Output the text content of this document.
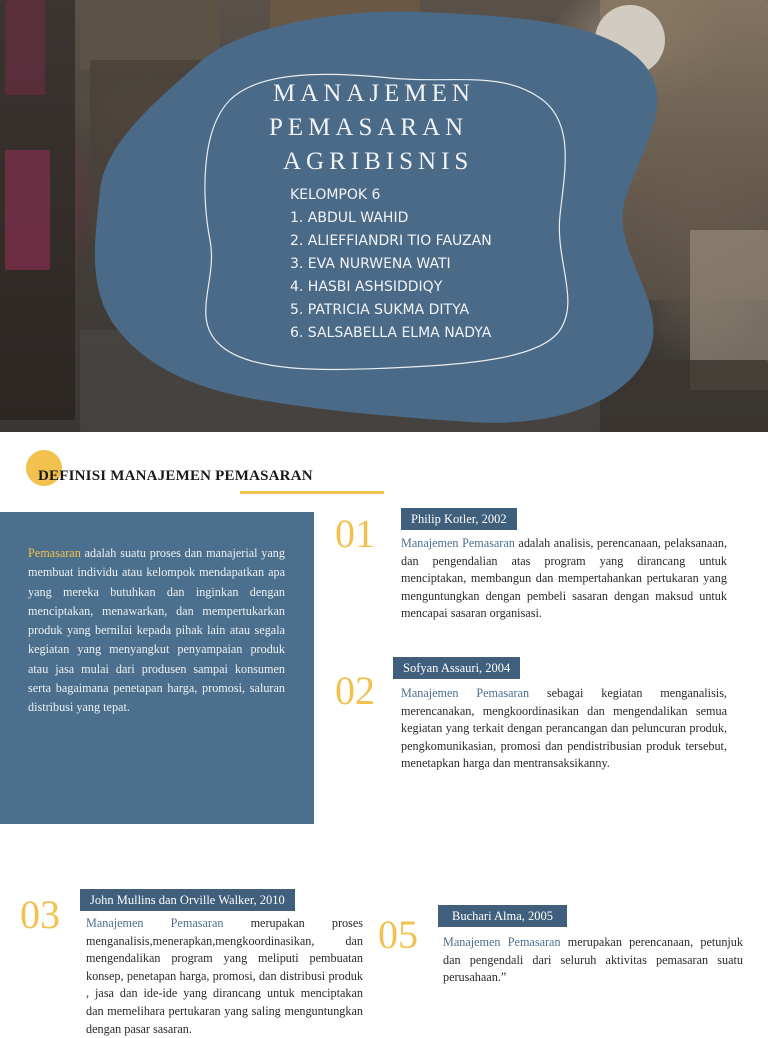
MANAJEMEN
PEMASARAN
AGRIBISNIS
KELOMPOK 6
1. ABDUL WAHID
2. ALIEFFIANDRI TIO FAUZAN
3. EVA NURWENA WATI
4. HASBI ASHSIDDIQY
5. PATRICIA SUKMA DITYA
6. SALSABELLA ELMA NADYA
DEFINISI MANAJEMEN PEMASARAN
Pemasaran adalah suatu proses dan manajerial yang membuat individu atau kelompok mendapatkan apa yang mereka butuhkan dan inginkan dengan menciptakan, menawarkan, dan mempertukarkan produk yang bernilai kepada pihak lain atau segala kegiatan yang menyangkut penyampaian produk atau jasa mulai dari produsen sampai konsumen serta bagaimana penetapan harga, promosi, saluran distribusi yang tepat.
01	Philip Kotler, 2002
Manajemen Pemasaran adalah analisis, perencanaan, pelaksanaan, dan pengendalian atas program yang dirancang untuk menciptakan, membangun dan mempertahankan pertukaran yang menguntungkan dengan pembeli sasaran dengan maksud untuk mencapai sasaran organisasi.
02	Sofyan Assauri, 2004
Manajemen Pemasaran sebagai kegiatan menganalisis, merencanakan, mengkoordinasikan dan mengendalikan semua kegiatan yang terkait dengan perancangan dan peluncuran produk, pengkomunikasian, promosi dan pendistribusian produk tersebut, menetapkan harga dan mentransaksikanny.
03	John Mullins dan Orville Walker, 2010
Manajemen Pemasaran merupakan proses menganalisis,menerapkan,mengkoordinasikan, dan mengendalikan program yang meliputi pembuatan konsep, penetapan harga, promosi, dan distribusi produk , jasa dan ide-ide yang dirancang untuk menciptakan dan memelihara pertukaran yang saling menguntungkan dengan pasar sasaran.
05	Buchari Alma, 2005
Manajemen Pemasaran merupakan perencanaan, petunjuk dan pengendali dari seluruh aktivitas pemasaran suatu perusahaan.”
